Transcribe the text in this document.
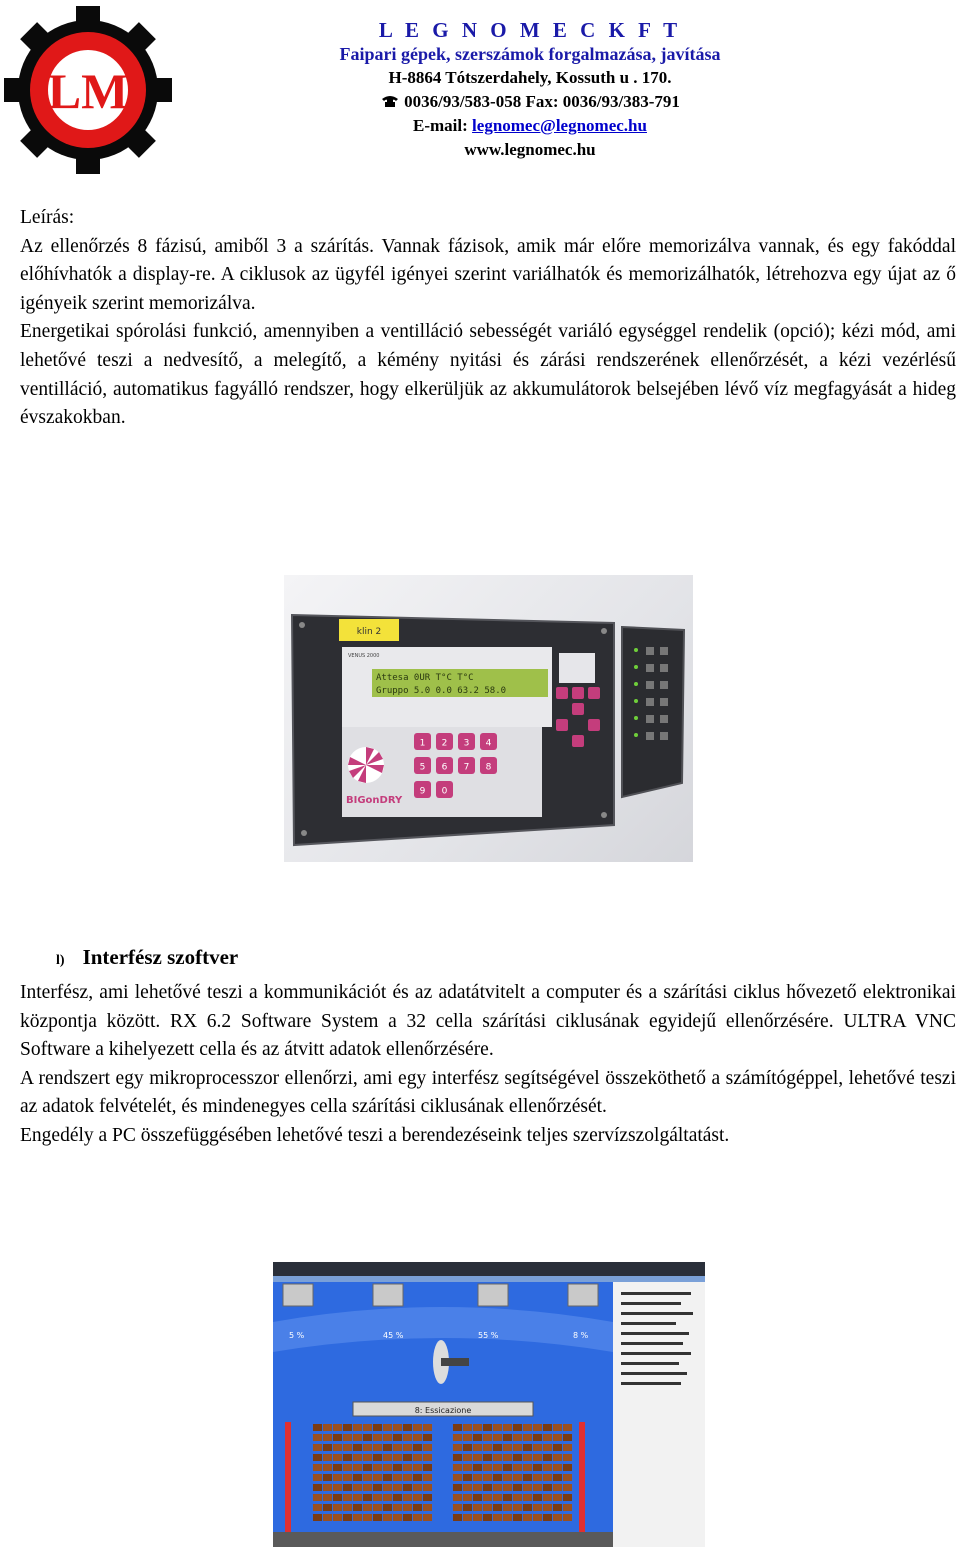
LM
L E G N O M E C K F T
Faipari gépek, szerszámok forgalmazása, javítása
H-8864 Tótszerdahely, Kossuth u . 170.
0036/93/583-058 Fax: 0036/93/383-791
E-mail: legnomec@legnomec.hu
www.legnomec.hu

Leírás:

Az ellenőrzés 8 fázisú, amiből 3 a szárítás. Vannak fázisok, amik már előre memorizálva vannak, és egy fakóddal előhívhatók a display-re. A ciklusok az ügyfél igényei szerint variálhatók és memorizálhatók, létrehozva egy újat az ő igényeik szerint memorizálva.

Energetikai spórolási funkció, amennyiben a ventilláció sebességét variáló egységgel rendelik (opció); kézi mód, ami lehetővé teszi a nedvesítő, a melegítő, a kémény nyitási és zárási rendszerének ellenőrzését, a kézi vezérlésű ventilláció, automatikus fagyálló rendszer, hogy elkerüljük az akkumulátorok belsejében lévő víz megfagyását a hideg évszakokban.

klin 2
VENUS 2000
Attesa 0UR T°C T°C
Gruppo 5.0 0.0 63.2 58.0
1 2 3 4
5 6 7 8
9 0
BIGonDRY
l) Interfész szoftver

Interfész, ami lehetővé teszi a kommunikációt és az adatátvitelt a computer és a szárítási ciklus hővezető elektronikai központja között. RX 6.2 Software System a 32 cella szárítási ciklusának egyidejű ellenőrzésére. ULTRA VNC Software a kihelyezett cella és az átvitt adatok ellenőrzésére.

A rendszert egy mikroprocesszor ellenőrzi, ami egy interfész segítségével összeköthető a számítógéppel, lehetővé teszi az adatok felvételét, és mindenegyes cella szárítási ciklusának ellenőrzését.

Engedély a PC összefüggésében lehetővé teszi a berendezéseink teljes szervízszolgáltatást.

5 %	45 %	55 %	8 %
8: Essicazione
